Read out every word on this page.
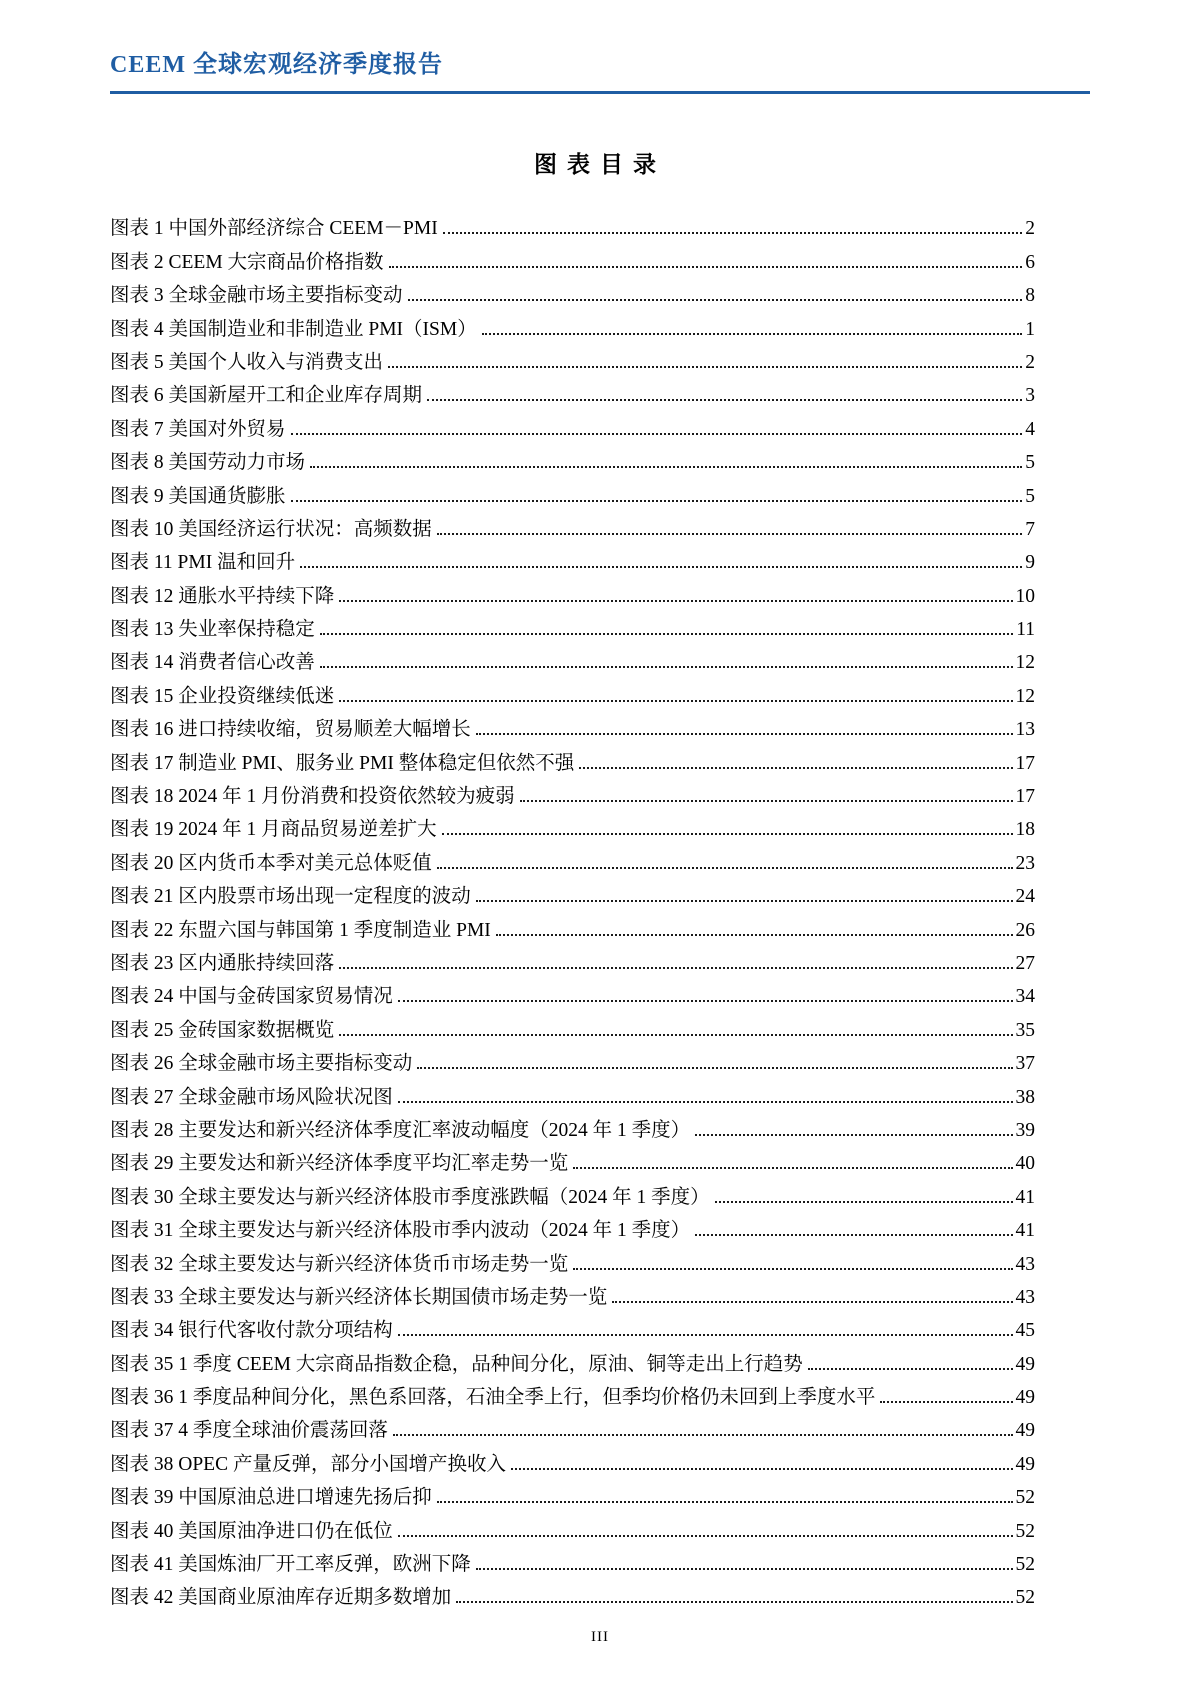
CEEM 全球宏观经济季度报告
图表目录
图表 1 中国外部经济综合 CEEM－PMI	2
图表 2 CEEM 大宗商品价格指数	6
图表 3 全球金融市场主要指标变动	8
图表 4 美国制造业和非制造业 PMI（ISM）	1
图表 5 美国个人收入与消费支出	2
图表 6 美国新屋开工和企业库存周期	3
图表 7 美国对外贸易	4
图表 8 美国劳动力市场	5
图表 9 美国通货膨胀	5
图表 10 美国经济运行状况：高频数据	7
图表 11 PMI 温和回升	9
图表 12 通胀水平持续下降	10
图表 13 失业率保持稳定	11
图表 14 消费者信心改善	12
图表 15 企业投资继续低迷	12
图表 16 进口持续收缩，贸易顺差大幅增长	13
图表 17 制造业 PMI、服务业 PMI 整体稳定但依然不强	17
图表 18 2024 年 1 月份消费和投资依然较为疲弱	17
图表 19 2024 年 1 月商品贸易逆差扩大	18
图表 20 区内货币本季对美元总体贬值	23
图表 21 区内股票市场出现一定程度的波动	24
图表 22 东盟六国与韩国第 1 季度制造业 PMI	26
图表 23 区内通胀持续回落	27
图表 24 中国与金砖国家贸易情况	34
图表 25 金砖国家数据概览	35
图表 26 全球金融市场主要指标变动	37
图表 27 全球金融市场风险状况图	38
图表 28 主要发达和新兴经济体季度汇率波动幅度（2024 年 1 季度）	39
图表 29 主要发达和新兴经济体季度平均汇率走势一览	40
图表 30 全球主要发达与新兴经济体股市季度涨跌幅（2024 年 1 季度）	41
图表 31 全球主要发达与新兴经济体股市季内波动（2024 年 1 季度）	41
图表 32 全球主要发达与新兴经济体货币市场走势一览	43
图表 33 全球主要发达与新兴经济体长期国债市场走势一览	43
图表 34 银行代客收付款分项结构	45
图表 35 1 季度 CEEM 大宗商品指数企稳，品种间分化，原油、铜等走出上行趋势	49
图表 36 1 季度品种间分化，黑色系回落，石油全季上行，但季均价格仍未回到上季度水平	49
图表 37 4 季度全球油价震荡回落	49
图表 38 OPEC 产量反弹，部分小国增产换收入	49
图表 39 中国原油总进口增速先扬后抑	52
图表 40 美国原油净进口仍在低位	52
图表 41 美国炼油厂开工率反弹，欧洲下降	52
图表 42 美国商业原油库存近期多数增加	52
III
